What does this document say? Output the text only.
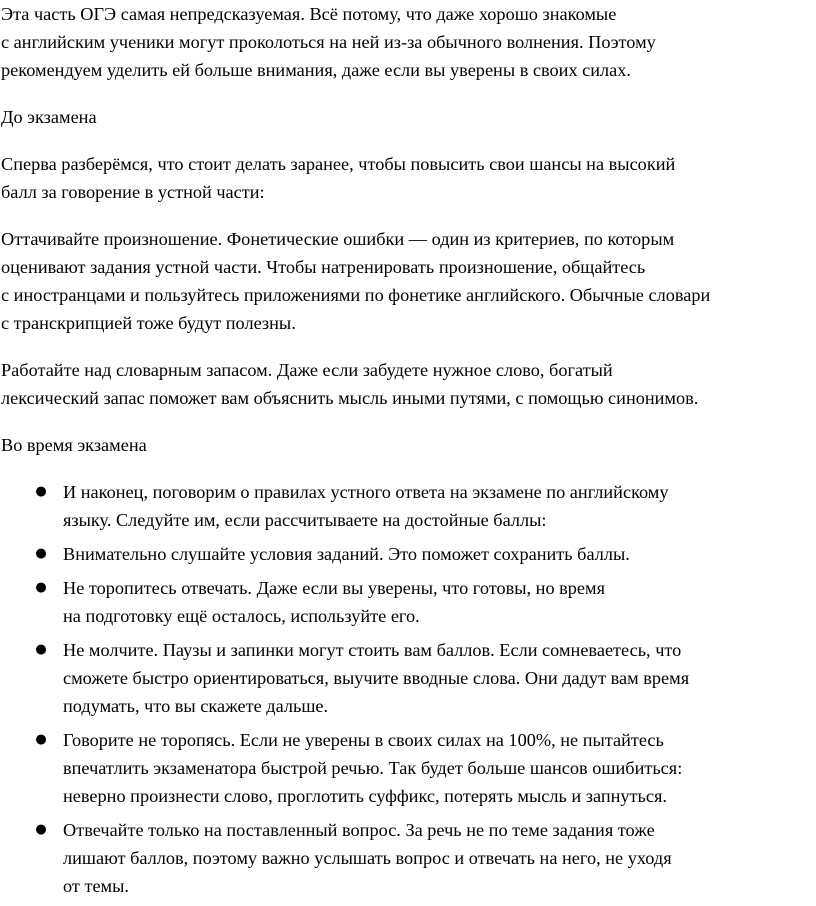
Эта часть ОГЭ самая непредсказуемая. Всё потому, что даже хорошо знакомые
с английским ученики могут проколоться на ней из-за обычного волнения. Поэтому
рекомендуем уделить ей больше внимания, даже если вы уверены в своих силах.

До экзамена

Сперва разберёмся, что стоит делать заранее, чтобы повысить свои шансы на высокий
балл за говорение в устной части:

Оттачивайте произношение. Фонетические ошибки — один из критериев, по которым
оценивают задания устной части. Чтобы натренировать произношение, общайтесь
с иностранцами и пользуйтесь приложениями по фонетике английского. Обычные словари
с транскрипцией тоже будут полезны.

Работайте над словарным запасом. Даже если забудете нужное слово, богатый
лексический запас поможет вам объяснить мысль иными путями, с помощью синонимов.

Во время экзамена

● И наконец, поговорим о правилах устного ответа на экзамене по английскому
языку. Следуйте им, если рассчитываете на достойные баллы:
● Внимательно слушайте условия заданий. Это поможет сохранить баллы.
● Не торопитесь отвечать. Даже если вы уверены, что готовы, но время
на подготовку ещё осталось, используйте его.
● Не молчите. Паузы и запинки могут стоить вам баллов. Если сомневаетесь, что
сможете быстро ориентироваться, выучите вводные слова. Они дадут вам время
подумать, что вы скажете дальше.
● Говорите не торопясь. Если не уверены в своих силах на 100%, не пытайтесь
впечатлить экзаменатора быстрой речью. Так будет больше шансов ошибиться:
неверно произнести слово, проглотить суффикс, потерять мысль и запнуться.
● Отвечайте только на поставленный вопрос. За речь не по теме задания тоже
лишают баллов, поэтому важно услышать вопрос и отвечать на него, не уходя
от темы.
